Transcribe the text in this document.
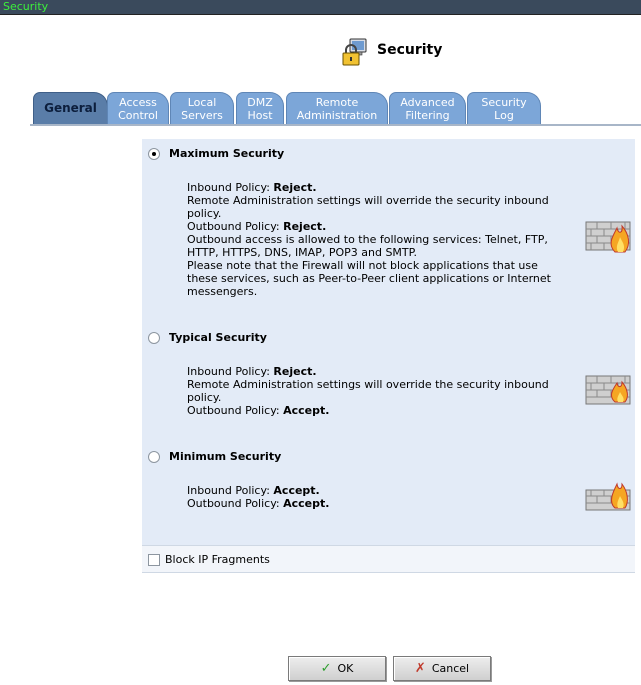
Security
Security
General Access
Control
Local
Servers
DMZ
Host
Remote
Administration
Advanced
Filtering
Security
Log
Maximum Security
Inbound Policy: Reject.
Remote Administration settings will override the security inbound
policy.
Outbound Policy: Reject.
Outbound access is allowed to the following services: Telnet, FTP,
HTTP, HTTPS, DNS, IMAP, POP3 and SMTP.
Please note that the Firewall will not block applications that use
these services, such as Peer-to-Peer client applications or Internet
messengers.
Typical Security
Inbound Policy: Reject.
Remote Administration settings will override the security inbound
policy.
Outbound Policy: Accept.
Minimum Security
Inbound Policy: Accept.
Outbound Policy: Accept.
Block IP Fragments
✓ OK	✗ Cancel
